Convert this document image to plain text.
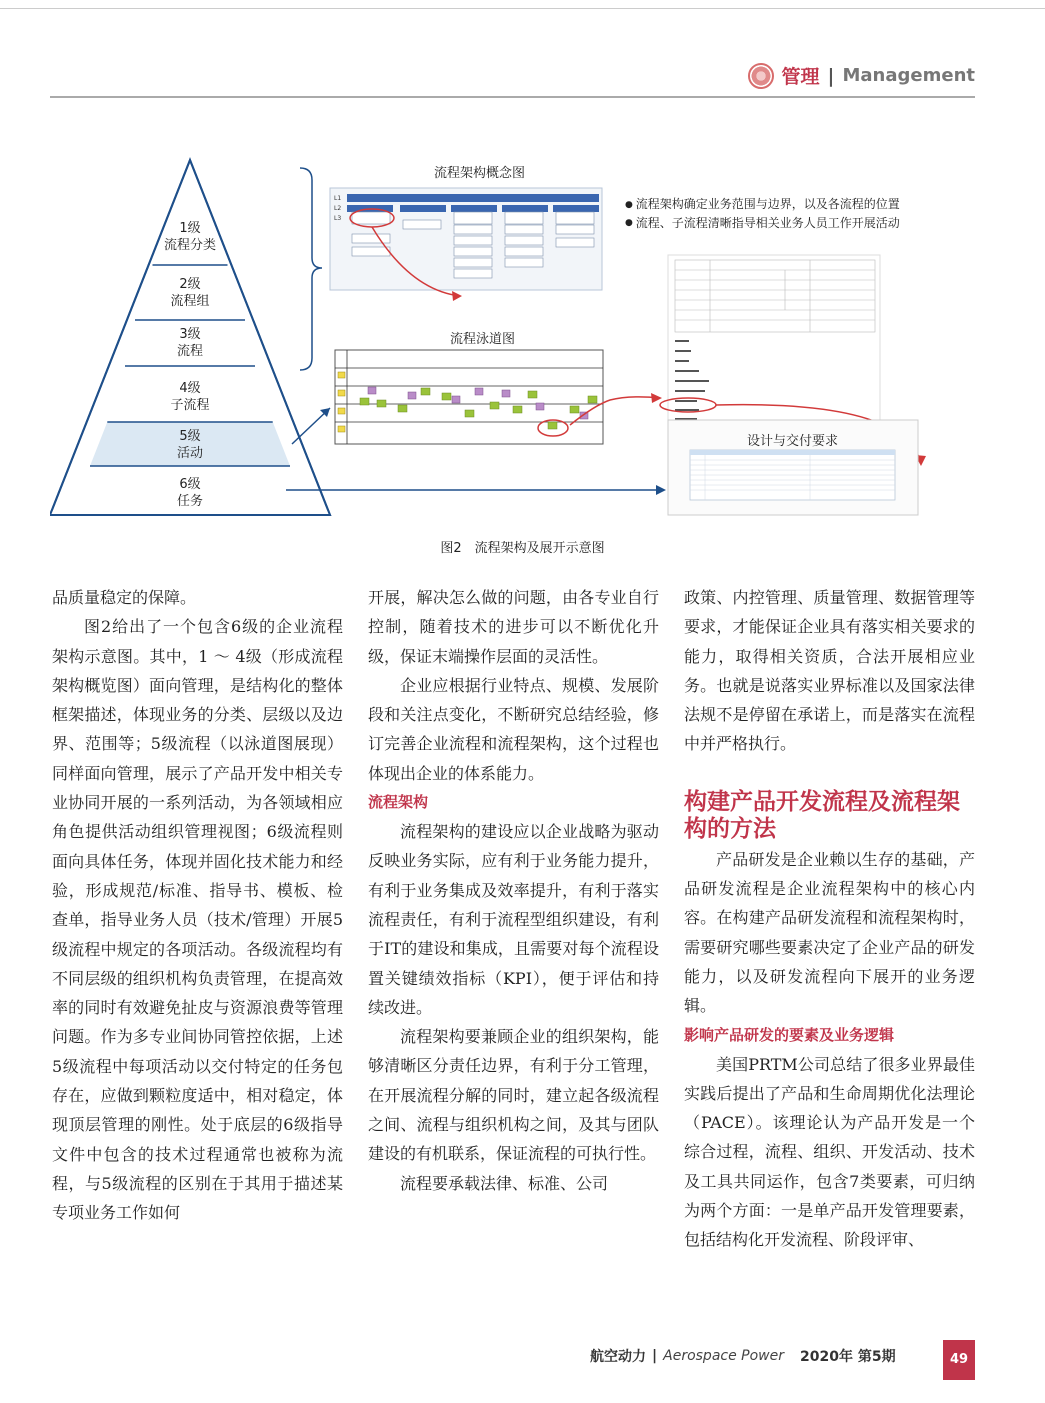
管理 | Management
L1
L2
L3
1级
流程分类
2级
流程组
3级
流程
4级
子流程
5级
活动
6级
任务
流程架构概念图
流程泳道图
设计与交付要求
● 流程架构确定业务范围与边界，以及各流程的位置
● 流程、子流程清晰指导相关业务人员工作开展活动
图2　流程架构及展开示意图

品质量稳定的保障。

图2给出了一个包含6级的企业流程架构示意图。其中，1 ～ 4级（形成流程架构概览图）面向管理，是结构化的整体框架描述，体现业务的分类、层级以及边界、范围等；5级流程（以泳道图展现）同样面向管理，展示了产品开发中相关专业协同开展的一系列活动，为各领域相应角色提供活动组织管理视图；6级流程则面向具体任务，体现并固化技术能力和经验，形成规范/标准、指导书、模板、检查单，指导业务人员（技术/管理）开展5级流程中规定的各项活动。各级流程均有不同层级的组织机构负责管理，在提高效率的同时有效避免扯皮与资源浪费等管理问题。作为多专业间协同管控依据，上述5级流程中每项活动以交付特定的任务包存在，应做到颗粒度适中，相对稳定，体现顶层管理的刚性。处于底层的6级指导文件中包含的技术过程通常也被称为流程，与5级流程的区别在于其用于描述某专项业务工作如何

开展，解决怎么做的问题，由各专业自行控制，随着技术的进步可以不断优化升级，保证末端操作层面的灵活性。

企业应根据行业特点、规模、发展阶段和关注点变化，不断研究总结经验，修订完善企业流程和流程架构，这个过程也体现出企业的体系能力。

流程架构

流程架构的建设应以企业战略为驱动反映业务实际，应有利于业务能力提升，有利于业务集成及效率提升，有利于落实流程责任，有利于流程型组织建设，有利于IT的建设和集成，且需要对每个流程设置关键绩效指标（KPI），便于评估和持续改进。

流程架构要兼顾企业的组织架构，能够清晰区分责任边界，有利于分工管理，在开展流程分解的同时，建立起各级流程之间、流程与组织机构之间，及其与团队建设的有机联系，保证流程的可执行性。

流程要承载法律、标准、公司

政策、内控管理、质量管理、数据管理等要求，才能保证企业具有落实相关要求的能力，取得相关资质，合法开展相应业务。也就是说落实业界标准以及国家法律法规不是停留在承诺上，而是落实在流程中并严格执行。

构建产品开发流程及流程架构的方法

产品研发是企业赖以生存的基础，产品研发流程是企业流程架构中的核心内容。在构建产品研发流程和流程架构时，需要研究哪些要素决定了企业产品的研发能力，以及研发流程向下展开的业务逻辑。

影响产品研发的要素及业务逻辑

美国PRTM公司总结了很多业界最佳实践后提出了产品和生命周期优化法理论（PACE）。该理论认为产品开发是一个综合过程，流程、组织、开发活动、技术及工具共同运作，包含7类要素，可归纳为两个方面：一是单产品开发管理要素，包括结构化开发流程、阶段评审、

航空动力 | Aerospace Power 2020年 第5期	49
